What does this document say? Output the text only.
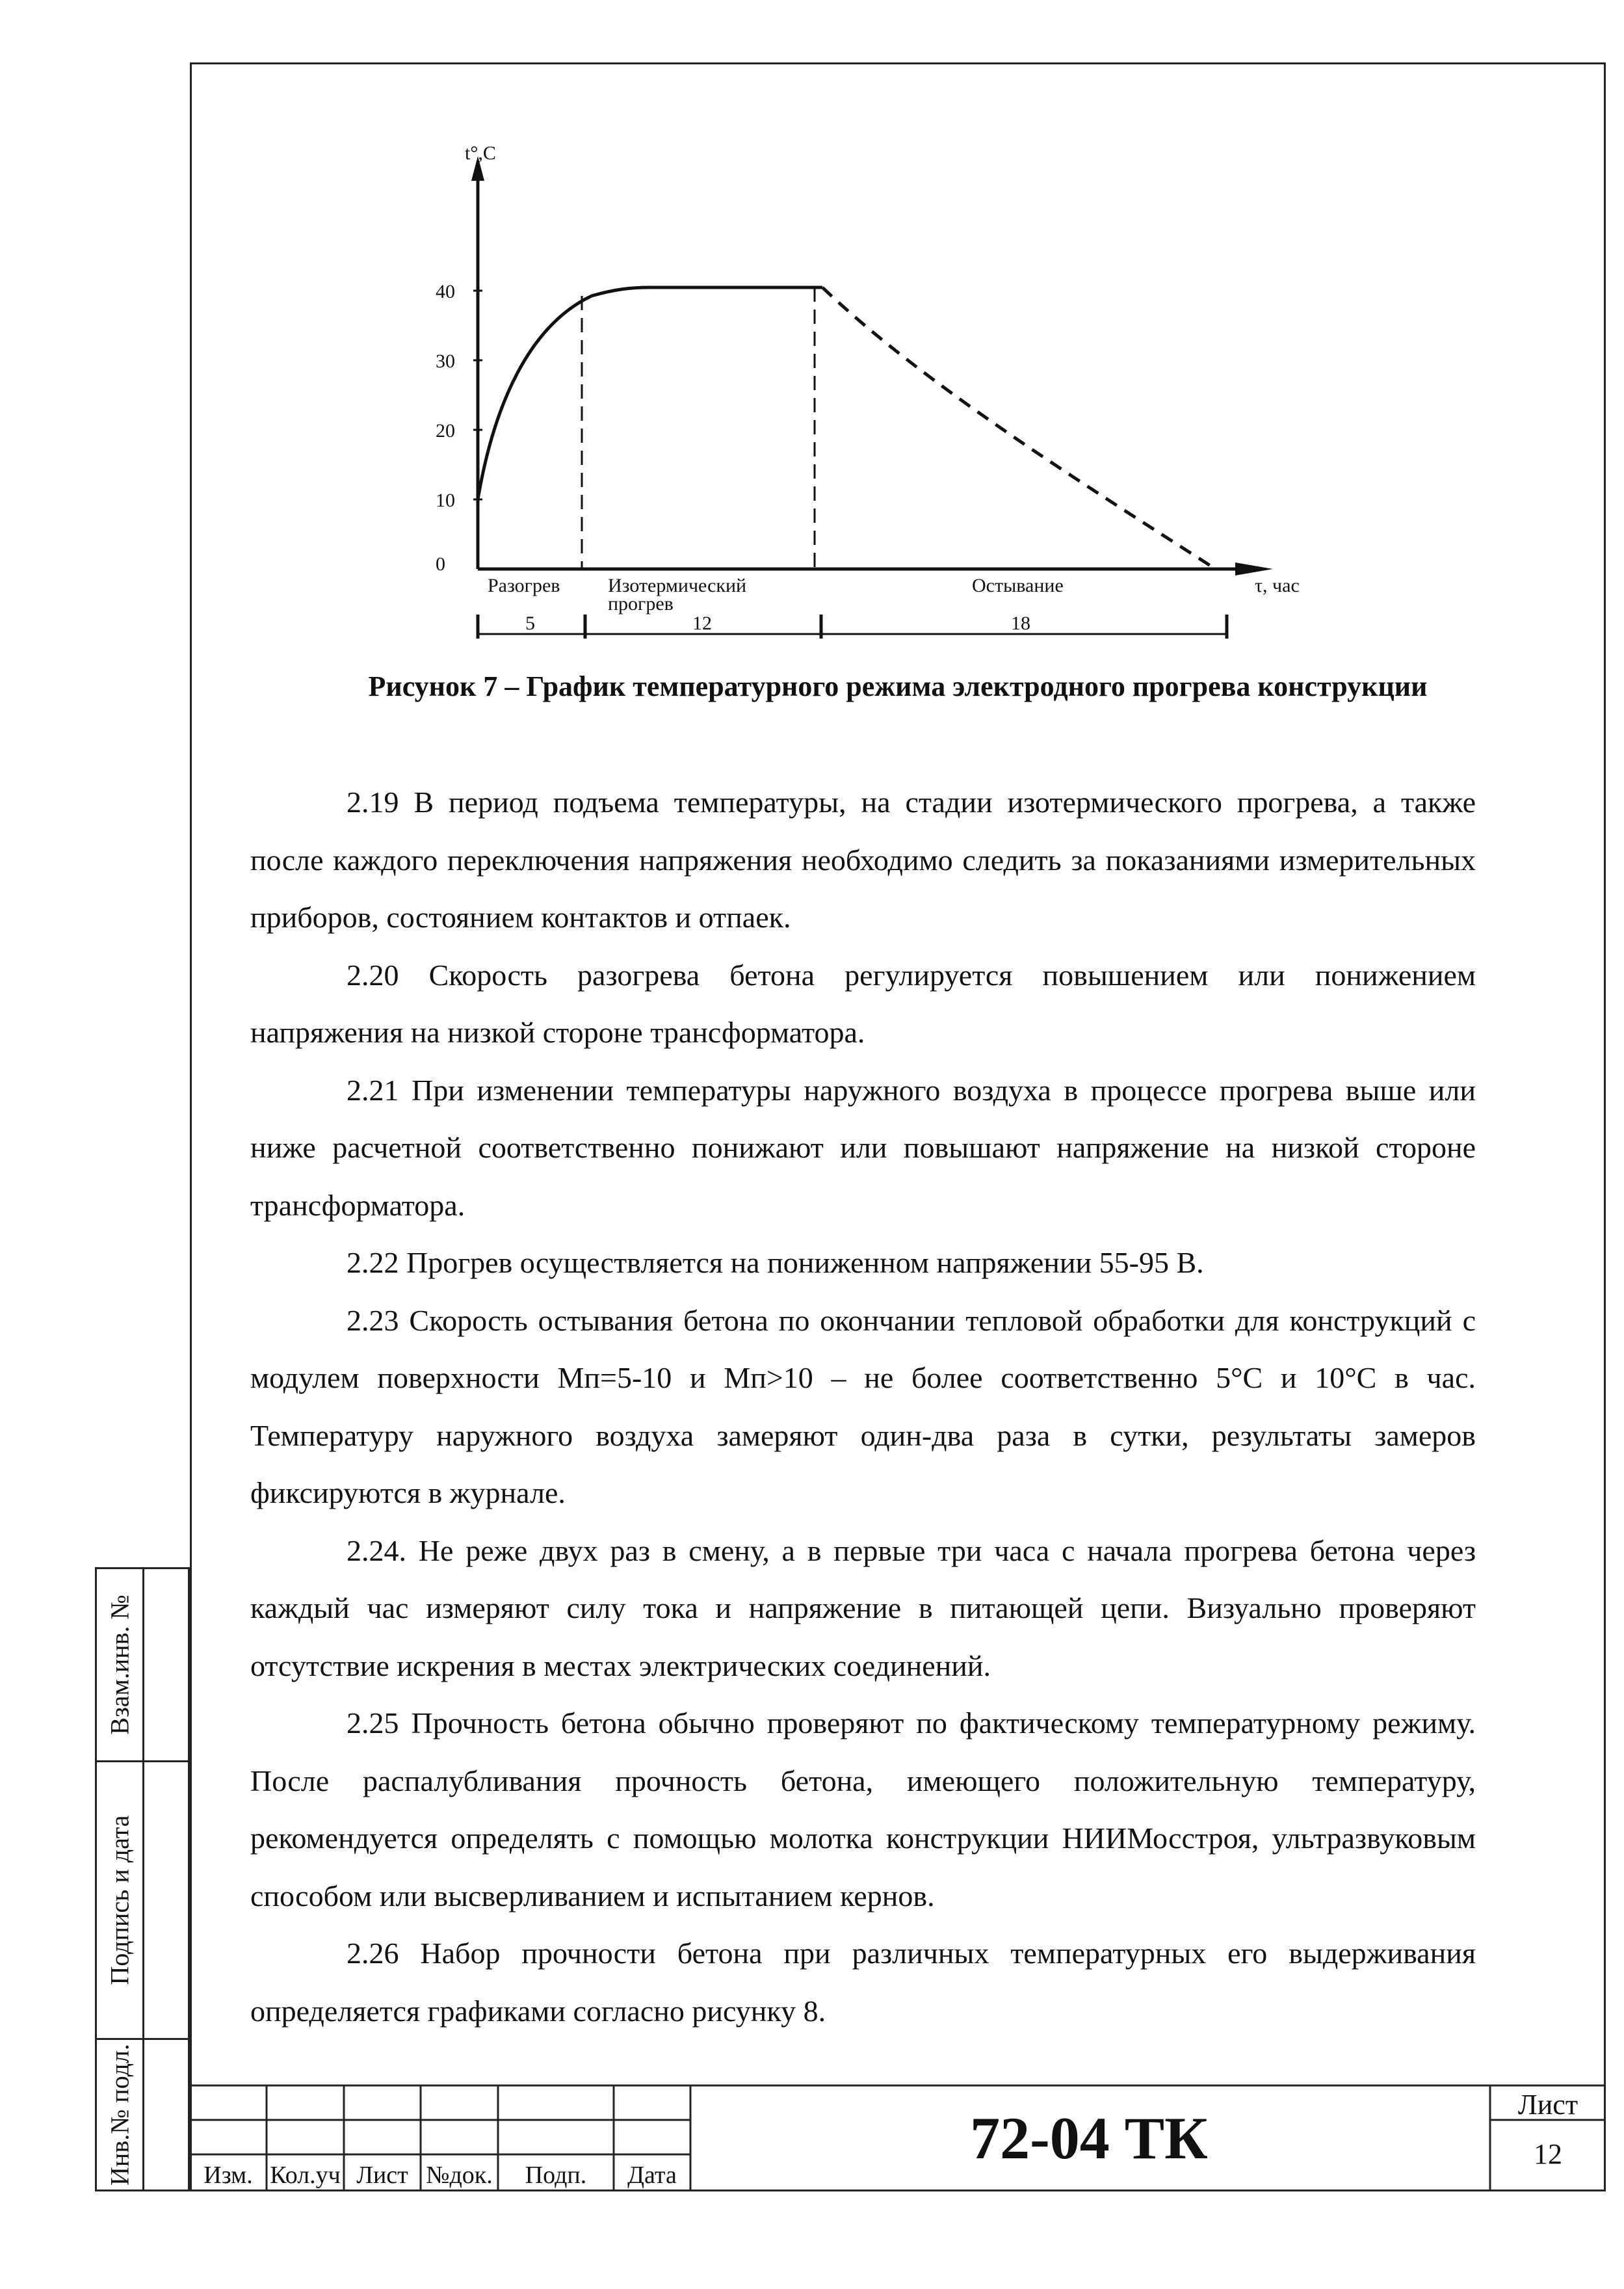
Взам.инв. №
Подпись и дата
Инв.№ подл.
t°,C
τ, час
40
30
20
10
0
Разогрев Изотермический
прогрев
Остывание
5	12	18
Рисунок 7 – График температурного режима электродного прогрева конструкции

2.19 В период подъема температуры, на стадии изотермического прогрева, а также после каждого переключения напряжения необходимо следить за показаниями измерительных приборов, состоянием контактов и отпаек.

2.20 Скорость разогрева бетона регулируется повышением или понижением напряжения на низкой стороне трансформатора.

2.21 При изменении температуры наружного воздуха в процессе прогрева выше или ниже расчетной соответственно понижают или повышают напряжение на низкой стороне трансформатора.

2.22 Прогрев осуществляется на пониженном напряжении 55-95 В.

2.23 Скорость остывания бетона по окончании тепловой обработки для конструкций с модулем поверхности Мп=5-10 и Мп>10 – не более соответственно 5°С и 10°С в час. Температуру наружного воздуха замеряют один-два раза в сутки, результаты замеров фиксируются в журнале.

2.24. Не реже двух раз в смену, а в первые три часа с начала прогрева бетона через каждый час измеряют силу тока и напряжение в питающей цепи. Визуально проверяют отсутствие искрения в местах электрических соединений.

2.25 Прочность бетона обычно проверяют по фактическому температурному режиму. После распалубливания прочность бетона, имеющего положительную температуру, рекомендуется определять с помощью молотка конструкции НИИМосстроя, ультразвуковым способом или высверливанием и испытанием кернов.

2.26 Набор прочности бетона при различных температурных его выдерживания определяется графиками согласно рисунку 8.

Изм. Кол.уч Лист №док.	Подп.	Дата
Лист
12
72-04 ТК
